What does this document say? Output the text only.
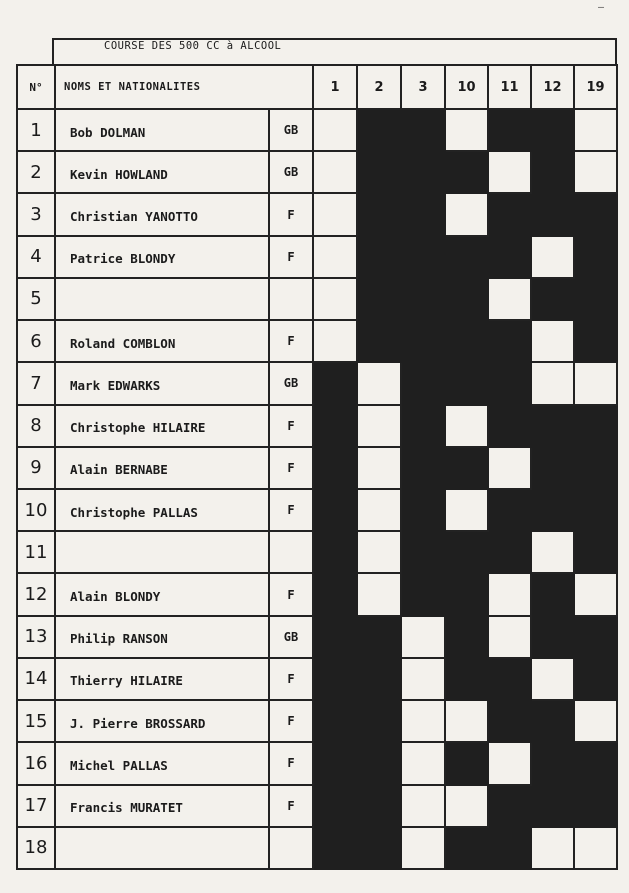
COURSE DES 500 CC à ALCOOL
N°	NOMS ET NATIONALITES		1	2	3	10	11	12	19
1	Bob DOLMAN	GB							
2	Kevin HOWLAND	GB							
3	Christian YANOTTO	F							
4	Patrice BLONDY	F							
5									
6	Roland COMBLON	F							
7	Mark EDWARKS	GB							
8	Christophe HILAIRE	F							
9	Alain BERNABE	F							
10	Christophe PALLAS	F							
11									
12	Alain BLONDY	F							
13	Philip RANSON	GB							
14	Thierry HILAIRE	F							
15	J. Pierre BROSSARD	F							
16	Michel PALLAS	F							
17	Francis MURATET	F							
18									
—
